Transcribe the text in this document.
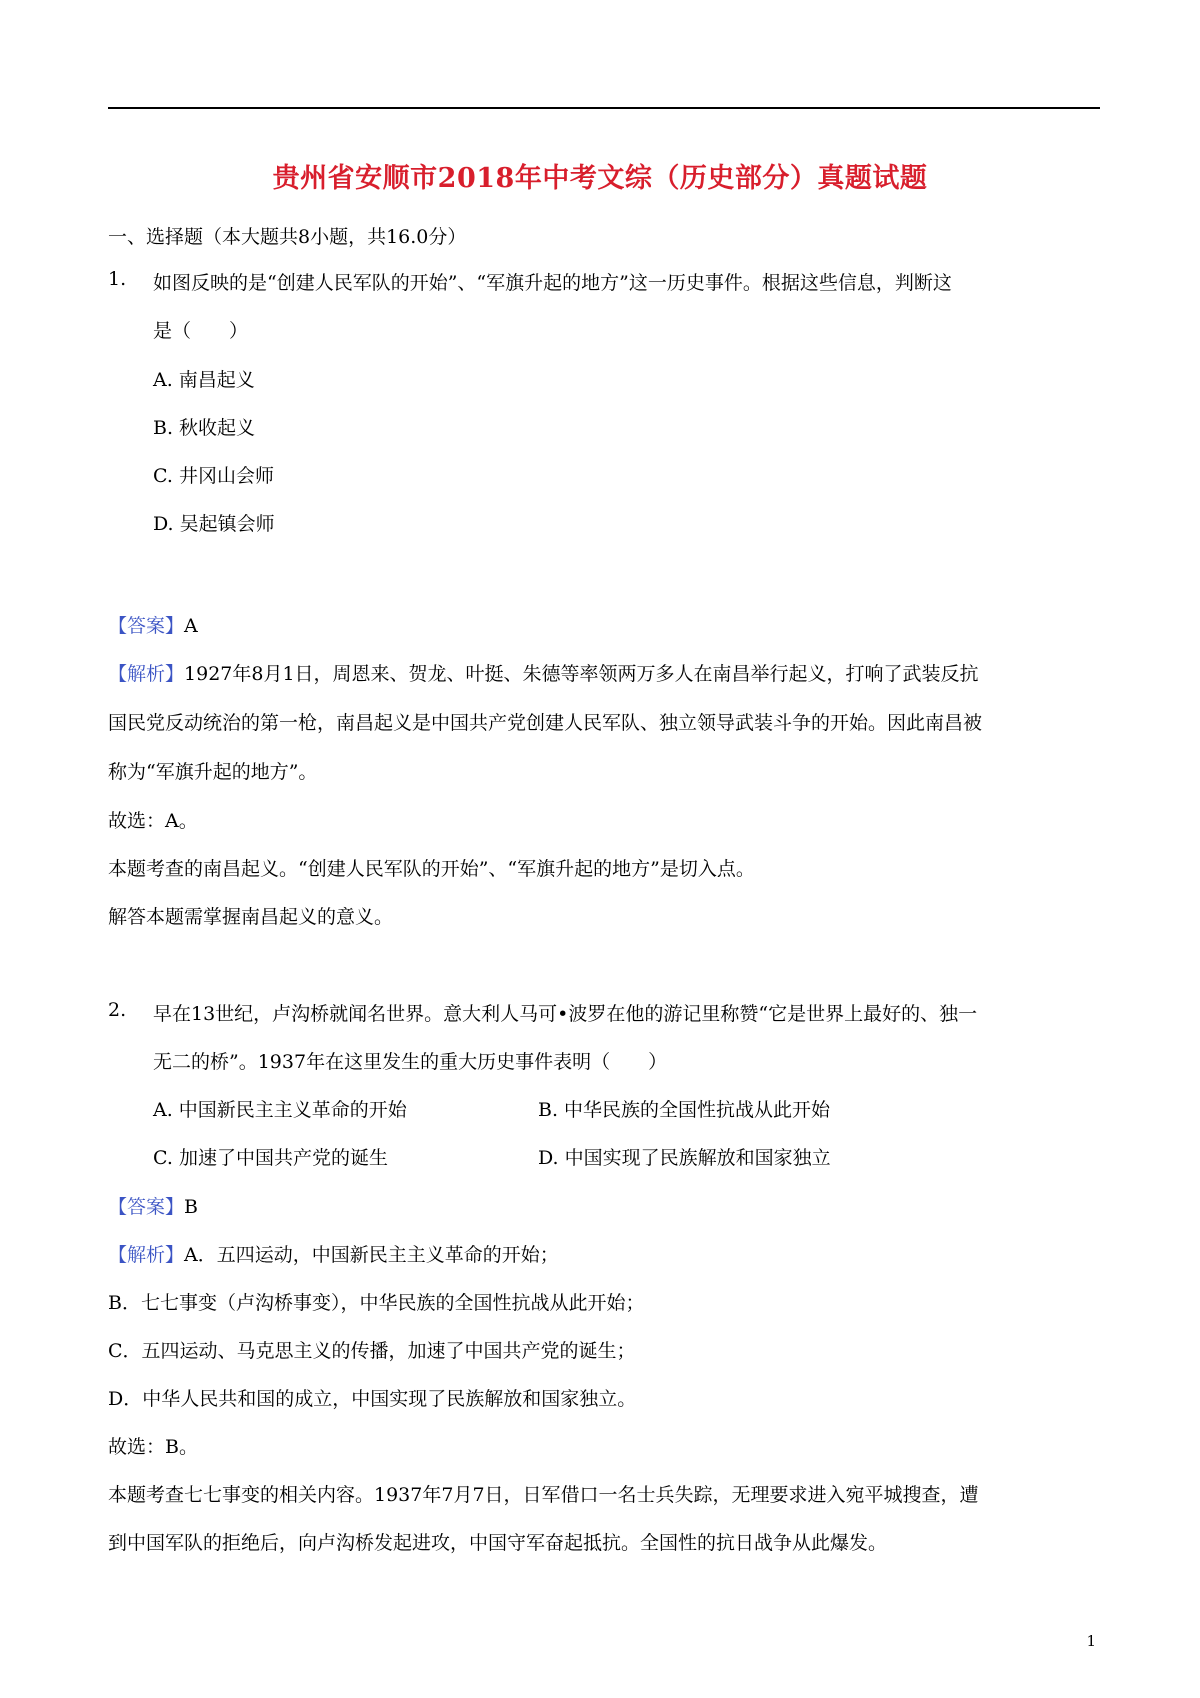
贵州省安顺市2018年中考文综（历史部分）真题试题
一、选择题（本大题共8小题，共16.0分）
1. 如图反映的是“创建人民军队的开始”、“军旗升起的地方”这一历史事件。根据这些信息，判断这
是（　　）
A. 南昌起义
B. 秋收起义
C. 井冈山会师
D. 吴起镇会师
【答案】A
【解析】1927年8月1日，周恩来、贺龙、叶挺、朱德等率领两万多人在南昌举行起义，打响了武装反抗
国民党反动统治的第一枪，南昌起义是中国共产党创建人民军队、独立领导武装斗争的开始。因此南昌被
称为“军旗升起的地方”。
故选：A。
本题考查的南昌起义。“创建人民军队的开始”、“军旗升起的地方”是切入点。
解答本题需掌握南昌起义的意义。
2. 早在13世纪，卢沟桥就闻名世界。意大利人马可•波罗在他的游记里称赞“它是世界上最好的、独一
无二的桥”。1937年在这里发生的重大历史事件表明（　　）
A. 中国新民主主义革命的开始	B. 中华民族的全国性抗战从此开始
C. 加速了中国共产党的诞生	D. 中国实现了民族解放和国家独立
【答案】B
【解析】A．五四运动，中国新民主主义革命的开始；
B．七七事变（卢沟桥事变），中华民族的全国性抗战从此开始；
C．五四运动、马克思主义的传播，加速了中国共产党的诞生；
D．中华人民共和国的成立，中国实现了民族解放和国家独立。
故选：B。
本题考查七七事变的相关内容。1937年7月7日，日军借口一名士兵失踪，无理要求进入宛平城搜查，遭
到中国军队的拒绝后，向卢沟桥发起进攻，中国守军奋起抵抗。全国性的抗日战争从此爆发。
1
